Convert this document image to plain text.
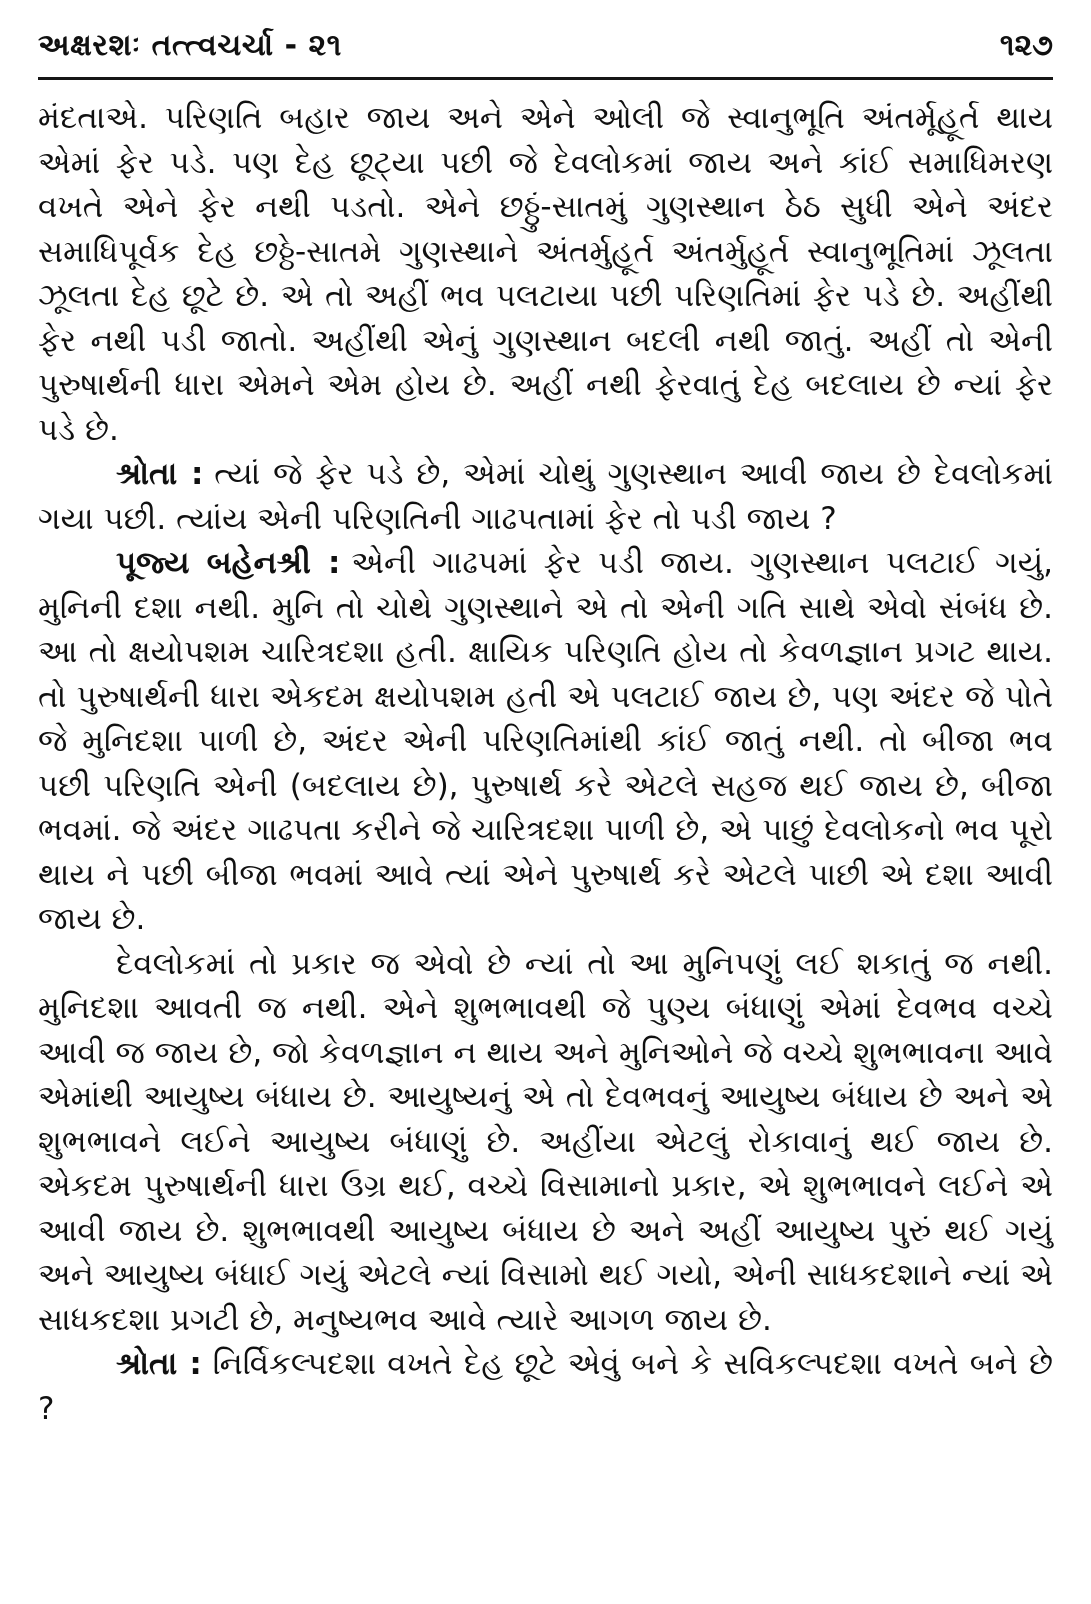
અક્ષરશઃ તત્ત્વચર્ચા - ૨૧	૧૨૭

મંદતાએ. પરિણતિ બહાર જાય અને એને ઓલી જે સ્વાનુભૂતિ અંતર્મૂહૂર્ત થાય એમાં ફેર પડે. પણ દેહ છૂટ્યા પછી જે દેવલોકમાં જાય અને કાંઈ સમાધિમરણ વખતે એને ફેર નથી પડતો. એને છઠ્ઠું-સાતમું ગુણસ્થાન ઠેઠ સુધી એને અંદર સમાધિપૂર્વક દેહ છઠ્ઠે-સાતમે ગુણસ્થાને અંતર્મુહૂર્ત અંતર્મુહૂર્ત સ્વાનુભૂતિમાં ઝૂલતા ઝૂલતા દેહ છૂટે છે. એ તો અહીં ભવ પલટાયા પછી પરિણતિમાં ફેર પડે છે. અહીંથી ફેર નથી પડી જાતો. અહીંથી એનું ગુણસ્થાન બદલી નથી જાતું. અહીં તો એની પુરુષાર્થની ધારા એમને એમ હોય છે. અહીં નથી ફેરવાતું દેહ બદલાય છે ન્યાં ફેર પડે છે.

શ્રોતા : ત્યાં જે ફેર પડે છે, એમાં ચોથું ગુણસ્થાન આવી જાય છે દેવલોકમાં ગયા પછી. ત્યાંય એની પરિણતિની ગાઢપતામાં ફેર તો પડી જાય ?

પૂજ્ય બહેનશ્રી : એની ગાઢપમાં ફેર પડી જાય. ગુણસ્થાન પલટાઈ ગયું, મુનિની દશા નથી. મુનિ તો ચોથે ગુણસ્થાને એ તો એની ગતિ સાથે એવો સંબંધ છે. આ તો ક્ષયોપશમ ચારિત્રદશા હતી. ક્ષાયિક પરિણતિ હોય તો કેવળજ્ઞાન પ્રગટ થાય. તો પુરુષાર્થની ધારા એકદમ ક્ષયોપશમ હતી એ પલટાઈ જાય છે, પણ અંદર જે પોતે જે મુનિદશા પાળી છે, અંદર એની પરિણતિમાંથી કાંઈ જાતું નથી. તો બીજા ભવ પછી પરિણતિ એની (બદલાય છે), પુરુષાર્થ કરે એટલે સહજ થઈ જાય છે, બીજા ભવમાં. જે અંદર ગાઢપતા કરીને જે ચારિત્રદશા પાળી છે, એ પાછું દેવલોકનો ભવ પૂરો થાય ને પછી બીજા ભવમાં આવે ત્યાં એને પુરુષાર્થ કરે એટલે પાછી એ દશા આવી જાય છે.

દેવલોકમાં તો પ્રકાર જ એવો છે ન્યાં તો આ મુનિપણું લઈ શકાતું જ નથી. મુનિદશા આવતી જ નથી. એને શુભભાવથી જે પુણ્ય બંધાણું એમાં દેવભવ વચ્ચે આવી જ જાય છે, જો કેવળજ્ઞાન ન થાય અને મુનિઓને જે વચ્ચે શુભભાવના આવે એમાંથી આયુષ્ય બંધાય છે. આયુષ્યનું એ તો દેવભવનું આયુષ્ય બંધાય છે અને એ શુભભાવને લઈને આયુષ્ય બંધાણું છે. અહીંયા એટલું રોકાવાનું થઈ જાય છે. એકદમ પુરુષાર્થની ધારા ઉગ્ર થઈ, વચ્ચે વિસામાનો પ્રકાર, એ શુભભાવને લઈને એ આવી જાય છે. શુભભાવથી આયુષ્ય બંધાય છે અને અહીં આયુષ્ય પુરું થઈ ગયું અને આયુષ્ય બંધાઈ ગયું એટલે ન્યાં વિસામો થઈ ગયો, એની સાધકદશાને ન્યાં એ સાધકદશા પ્રગટી છે, મનુષ્યભવ આવે ત્યારે આગળ જાય છે.

શ્રોતા : નિર્વિકલ્પદશા વખતે દેહ છૂટે એવું બને કે સવિકલ્પદશા વખતે બને છે ?
